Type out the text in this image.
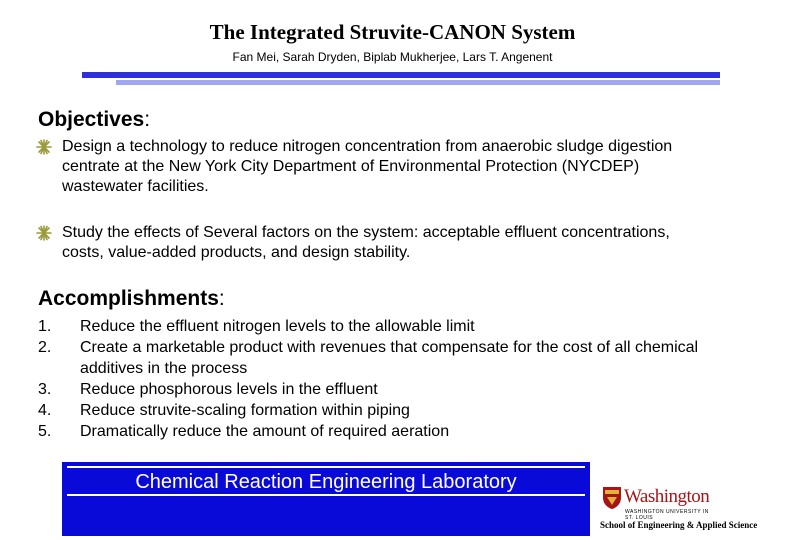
The Integrated Struvite-CANON System
Fan Mei, Sarah Dryden, Biplab Mukherjee, Lars T. Angenent
Objectives:
Design a technology to reduce nitrogen concentration from anaerobic sludge digestion centrate at the New York City Department of Environmental Protection (NYCDEP) wastewater facilities.
Study the effects of Several factors on the system: acceptable effluent concentrations, costs, value-added products, and design stability.
Accomplishments:
1.	Reduce the effluent nitrogen levels to the allowable limit
2.	Create a marketable product with revenues that compensate for the cost of all chemical additives in the process
3.	Reduce phosphorous levels in the effluent
4.	Reduce struvite-scaling formation within piping
5.	Dramatically reduce the amount of required aeration
Chemical Reaction Engineering Laboratory
Washington
WASHINGTON UNIVERSITY IN ST. LOUIS
School of Engineering & Applied Science
